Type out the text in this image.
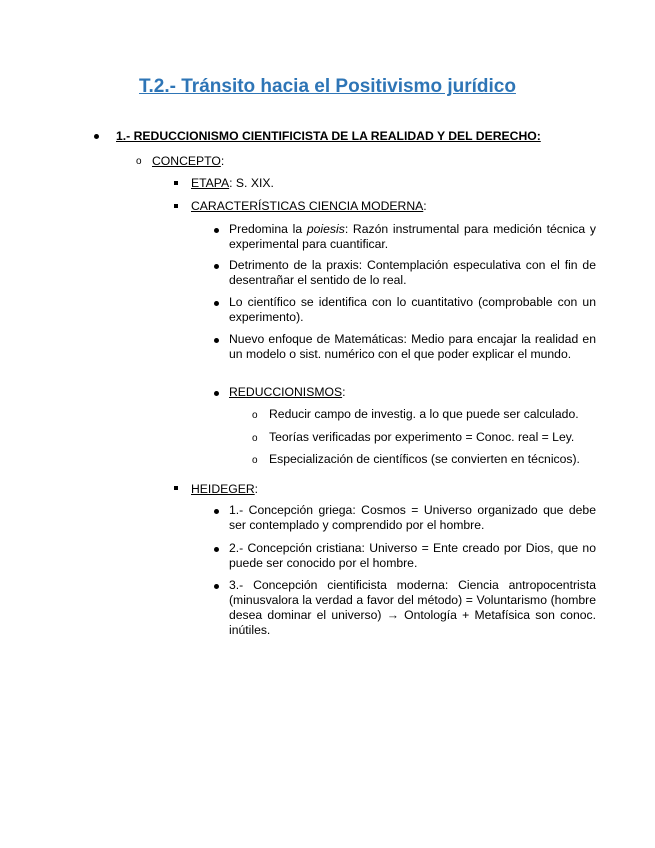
T.2.- Tránsito hacia el Positivismo jurídico
1.- REDUCCIONISMO CIENTIFICISTA DE LA REALIDAD Y DEL DERECHO:
o CONCEPTO:
ETAPA: S. XIX.
CARACTERÍSTICAS CIENCIA MODERNA:
Predomina la poiesis: Razón instrumental para medición técnica y experimental para cuantificar.
Detrimento de la praxis: Contemplación especulativa con el fin de desentrañar el sentido de lo real.
Lo científico se identifica con lo cuantitativo (comprobable con un experimento).
Nuevo enfoque de Matemáticas: Medio para encajar la realidad en un modelo o sist. numérico con el que poder explicar el mundo.
REDUCCIONISMOS:
o Reducir campo de investig. a lo que puede ser calculado.
o Teorías verificadas por experimento = Conoc. real = Ley.
o Especialización de científicos (se convierten en técnicos).
HEIDEGER:
1.- Concepción griega: Cosmos = Universo organizado que debe ser contemplado y comprendido por el hombre.
2.- Concepción cristiana: Universo = Ente creado por Dios, que no puede ser conocido por el hombre.
3.- Concepción cientificista moderna: Ciencia antropocentrista (minusvalora la verdad a favor del método) = Voluntarismo (hombre desea dominar el universo) → Ontología + Metafísica son conoc. inútiles.
